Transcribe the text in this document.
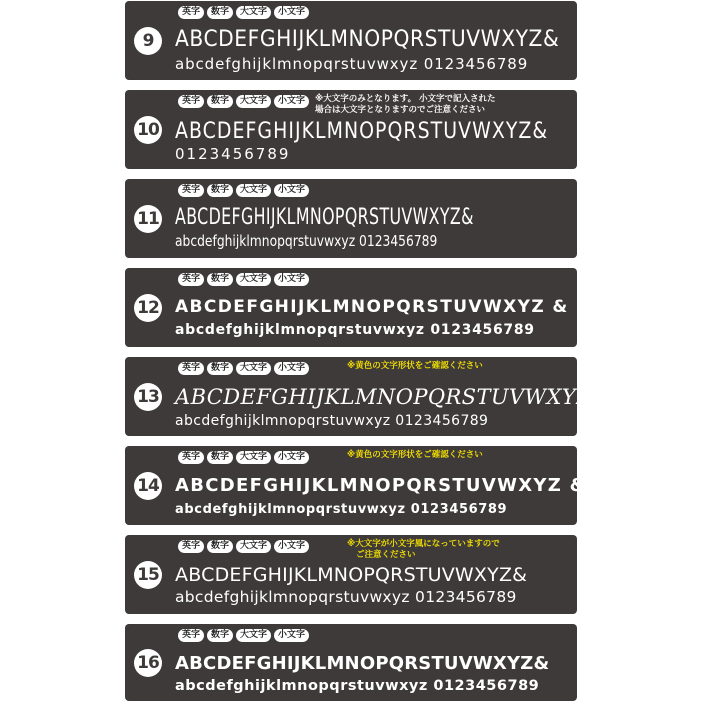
9
英字	数字	大文字	小文字
ABCDEFGHIJKLMNOPQRSTUVWXYZ&
abcdefghijklmnopqrstuvwxyz 0123456789
10
英字	数字	大文字	小文字	※大文字のみとなります。 小文字で記入された
場合は大文字となりますのでご注意ください
ABCDEFGHIJKLMNOPQRSTUVWXYZ&
0123456789
11
英字	数字	大文字	小文字
ABCDEFGHIJKLMNOPQRSTUVWXYZ&
abcdefghijklmnopqrstuvwxyz 0123456789
12
英字	数字	大文字	小文字
ABCDEFGHIJKLMNOPQRSTUVWXYZ &
abcdefghijklmnopqrstuvwxyz 0123456789
13
英字	数字	大文字	小文字	※黄色の文字形状をご確認ください
ABCDEFGHIJKLMNOPQRSTUVWXYZ &
abcdefghijklmnopqrstuvwxyz 0123456789
14
英字	数字	大文字	小文字	※黄色の文字形状をご確認ください
ABCDEFGHIJKLMNOPQRSTUVWXYZ &
abcdefghijklmnopqrstuvwxyz 0123456789
15
英字	数字	大文字	小文字	※大文字が小文字風になっていますので
ご注意ください
ABCDEFGHIJKLMNOPQRSTUVWXYZ&
abcdefghijklmnopqrstuvwxyz 0123456789
16
英字	数字	大文字	小文字
ABCDEFGHIJKLMNOPQRSTUVWXYZ&
abcdefghijklmnopqrstuvwxyz 0123456789
